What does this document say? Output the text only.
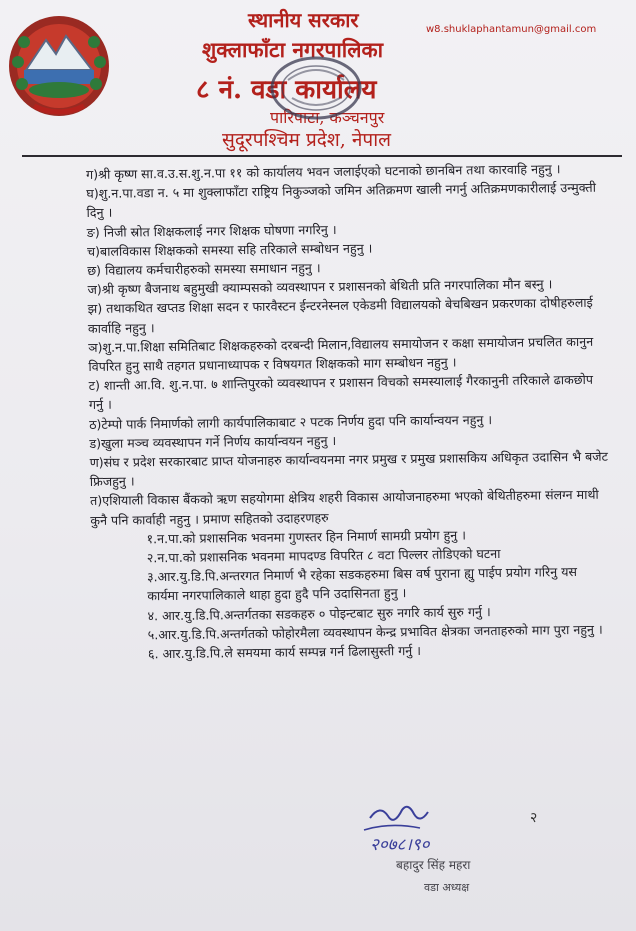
स्थानीय सरकार
शुक्लाफाँटा नगरपालिका
८ नं. वडा कार्यालय
पारिपाटा, कञ्चनपुर
सुदूरपश्चिम प्रदेश, नेपाल
w8.shuklaphantamun@gmail.com

ग)श्री कृष्ण सा.व.उ.स.शु.न.पा ११ को कार्यालय भवन जलाईएको घटनाको छानबिन तथा कारवाहि नहुनु ।

घ)शु.न.पा.वडा न. ५ मा शुक्लाफाँटा राष्ट्रिय निकुञ्जको जमिन अतिक्रमण खाली नगर्नु अतिक्रमणकारीलाई उन्मुक्ती दिनु ।

ङ) निजी स्रोत शिक्षकलाई नगर शिक्षक घोषणा नगरिनु ।

च)बालविकास शिक्षकको समस्या सहि तरिकाले सम्बोधन नहुनु ।

छ) विद्यालय कर्मचारीहरुको समस्या समाधान नहुनु ।

ज)श्री कृष्ण बैजनाथ बहुमुखी क्याम्पसको व्यवस्थापन र प्रशासनको बेथिती प्रति नगरपालिका मौन बस्नु ।

झ) तथाकथित खप्तड शिक्षा सदन र फारवैस्टन ईन्टरनेस्नल एकेडमी विद्यालयको बेचबिखन प्रकरणका दोषीहरुलाई कार्वाहि नहुनु ।

ञ)शु.न.पा.शिक्षा समितिबाट शिक्षकहरुको दरबन्दी मिलान,विद्यालय समायोजन र कक्षा समायोजन प्रचलित कानुन विपरित हुनु साथै तहगत प्रधानाध्यापक र विषयगत शिक्षकको माग सम्बोधन नहुनु ।

ट) शान्ती आ.वि. शु.न.पा. ७ शान्तिपुरको व्यवस्थापन र प्रशासन विचको समस्यालाई गैरकानुनी तरिकाले ढाकछोप गर्नु ।

ठ)टेम्पो पार्क निमार्णको लागी कार्यपालिकाबाट २ पटक निर्णय हुदा पनि कार्यान्वयन नहुनु ।

ड)खुला मञ्च व्यवस्थापन गर्ने निर्णय कार्यान्वयन नहुनु ।

ण)संघ र प्रदेश सरकारबाट प्राप्त योजनाहरु कार्यान्वयनमा नगर प्रमुख र प्रमुख प्रशासकिय अधिकृत उदासिन भै बजेट फ्रिजहुनु ।

त)एशियाली विकास बैंकको ऋण सहयोगमा क्षेत्रिय शहरी विकास आयोजनाहरुमा भएको बेथितीहरुमा संलग्न माथी कुनै पनि कार्वाही नहुनु । प्रमाण सहितको उदाहरणहरु

१.न.पा.को प्रशासनिक भवनमा गुणस्तर हिन निमार्ण सामग्री प्रयोग हुनु ।

२.न.पा.को प्रशासनिक भवनमा मापदण्ड विपरित ८ वटा पिल्लर तोडिएको घटना

३.आर.यु.डि.पि.अन्तरगत निमार्ण भै रहेका सडकहरुमा बिस वर्ष पुराना ह्यु पाईप प्रयोग गरिनु यस कार्यमा नगरपालिकाले थाहा हुदा हुदै पनि उदासिनता हुनु ।

४. आर.यु.डि.पि.अन्तर्गतका सडकहरु ० पोइन्टबाट सुरु नगरि कार्य सुरु गर्नु ।

५.आर.यु.डि.पि.अन्तर्गतको फोहोरमैला व्यवस्थापन केन्द्र प्रभावित क्षेत्रका जनताहरुको माग पुरा नहुनु ।

६. आर.यु.डि.पि.ले समयमा कार्य सम्पन्न गर्न ढिलासुस्ती गर्नु ।

२०७८।९०
२
बहादुर सिंह महरा
वडा अध्यक्ष
